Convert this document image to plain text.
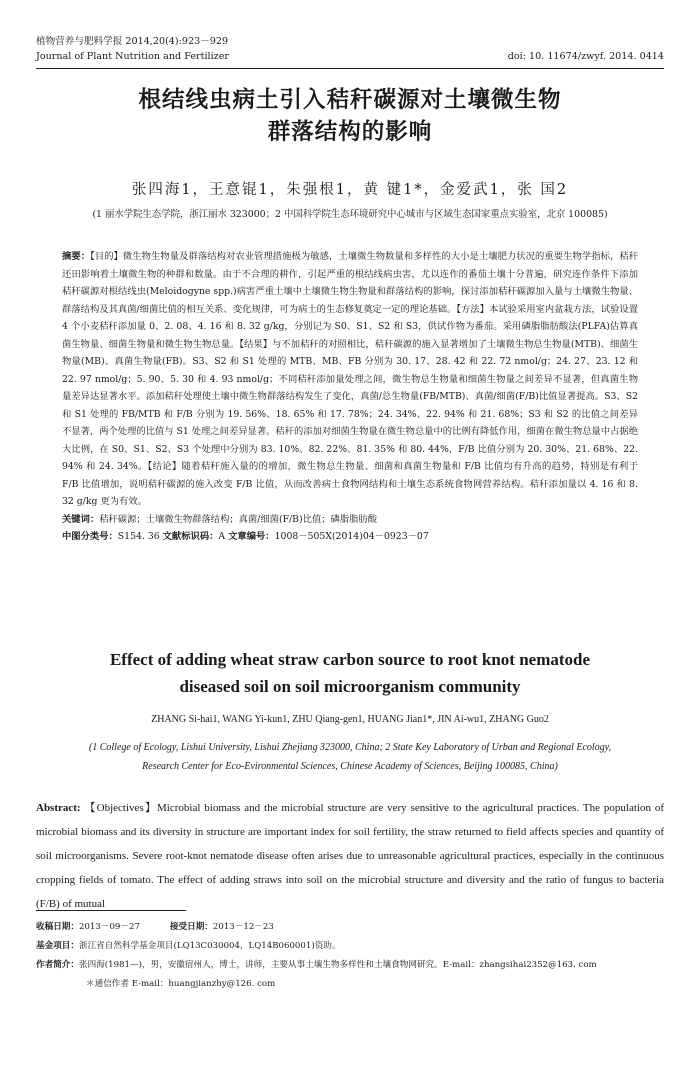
植物营养与肥料学报 2014,20(4):923－929
Journal of Plant Nutrition and Fertilizer	doi: 10. 11674/zwyf. 2014. 0414
根结线虫病土引入秸秆碳源对土壤微生物
群落结构的影响
张四海1，王意锟1，朱强根1，黄 键1*，金爱武1，张 国2
(1 丽水学院生态学院，浙江丽水 323000；2 中国科学院生态环境研究中心城市与区域生态国家重点实验室，北京 100085)
摘要：【目的】微生物生物量及群落结构对农业管理措施极为敏感，土壤微生物数量和多样性的大小是土壤肥力状况的重要生物学指标，秸秆还田影响着土壤微生物的种群和数量。由于不合理的耕作，引起严重的根结线病虫害，尤以连作的番茄土壤十分普遍，研究连作条件下添加秸秆碳源对根结线虫(Meloidogyne spp.)病害严重土壤中土壤微生物生物量和群落结构的影响，探讨添加秸秆碳源加入量与土壤微生物量、群落结构及其真菌/细菌比值的相互关系、变化规律，可为病土的生态修复奠定一定的理论基础。【方法】本试验采用室内盆栽方法，试验设置 4 个小麦秸秆添加量 0、2. 08、4. 16 和 8. 32 g/kg，分别记为 S0、S1、S2 和 S3，供试作物为番茄。采用磷脂脂肪酸法(PLFA)估算真菌生物量、细菌生物量和微生物生物总量。【结果】与不加秸秆的对照相比，秸秆碳源的施入显著增加了土壤微生物总生物量(MTB)、细菌生物量(MB)、真菌生物量(FB)。S3、S2 和 S1 处理的 MTB、MB、FB 分别为 30. 17、28. 42 和 22. 72 nmol/g；24. 27、23. 12 和 22. 97 nmol/g；5. 90、5. 30 和 4. 93 nmol/g；不同秸秆添加量处理之间，微生物总生物量和细菌生物量之间差异不显著，但真菌生物量差异达显著水平。添加秸秆处理使土壤中微生物群落结构发生了变化，真菌/总生物量(FB/MTB)、真菌/细菌(F/B)比值显著提高。S3、S2 和 S1 处理的 FB/MTB 和 F/B 分别为 19. 56%、18. 65% 和 17. 78%；24. 34%、22. 94% 和 21. 68%；S3 和 S2 的比值之间差异不显著，两个处理的比值与 S1 处理之间差异显著。秸秆的添加对细菌生物量在微生物总量中的比例有降低作用，细菌在微生物总量中占据绝大比例，在 S0、S1、S2、S3 个处理中分别为 83. 10%、82. 22%、81. 35% 和 80. 44%，F/B 比值分别为 20. 30%、21. 68%、22. 94% 和 24. 34%。【结论】随着秸秆施入量的的增加，微生物总生物量、细菌和真菌生物量和 F/B 比值均有升高的趋势，特别是有利于 F/B 比值增加，说明秸秆碳源的施入改变 F/B 比值，从而改善病土食物网结构和土壤生态系统食物网营养结构。秸秆添加量以 4. 16 和 8. 32 g/kg 更为有效。
关键词：秸秆碳源；土壤微生物群落结构；真菌/细菌(F/B)比值；磷脂脂肪酸
中图分类号：S154. 36 文献标识码：A 文章编号：1008－505X(2014)04－0923－07
Effect of adding wheat straw carbon source to root knot nematode
diseased soil on soil microorganism community
ZHANG Si-hai1, WANG Yi-kun1, ZHU Qiang-gen1, HUANG Jian1*, JIN Ai-wu1, ZHANG Guo2
(1 College of Ecology, Lishui University, Lishui Zhejiang 323000, China; 2 State Key Laboratory of Urban and Regional Ecology,
Research Center for Eco-Evironmental Sciences, Chinese Academy of Sciences, Beijing 100085, China)
Abstract: 【Objectives】Microbial biomass and the microbial structure are very sensitive to the agricultural practices. The population of microbial biomass and its diversity in structure are important index for soil fertility, the straw returned to field affects species and quantity of soil microorganisms. Severe root-knot nematode disease often arises due to unreasonable agricultural practices, especially in the continuous cropping fields of tomato. The effect of adding straws into soil on the microbial structure and diversity and the ratio of fungus to bacteria (F/B) of mutual
收稿日期：2013－09－27	接受日期：2013－12－23
基金项目：浙江省自然科学基金项目(LQ13C030004，LQ14B060001)资助。
作者简介：张四海(1981—)，男，安徽宿州人，博士，讲师，主要从事土壤生物多样性和土壤食物网研究。E-mail：zhangsihai2352@163. com
＊通信作者 E-mail：huangjianzhy@126. com
